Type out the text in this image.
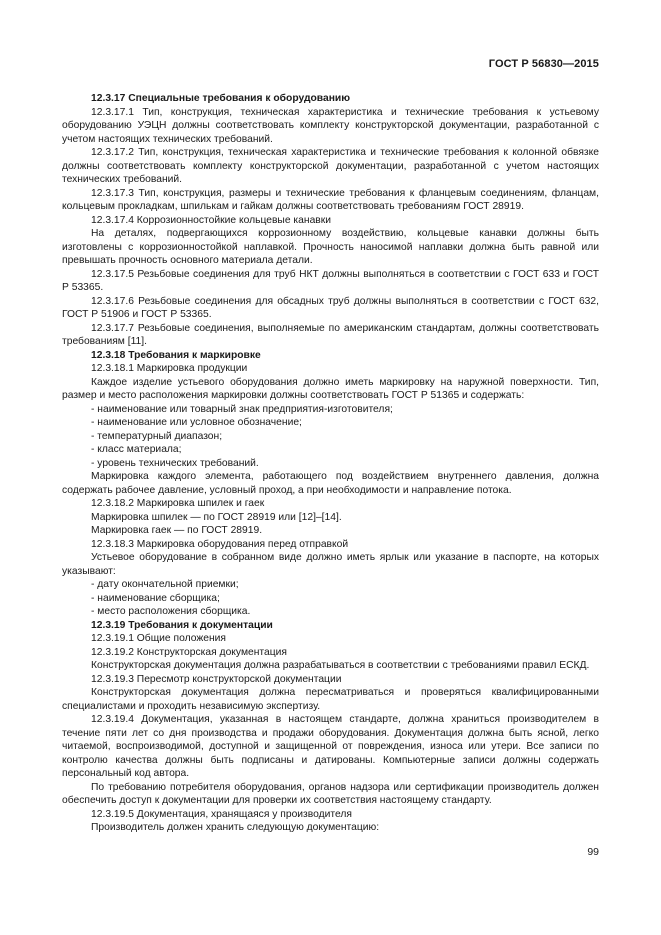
ГОСТ Р 56830—2015

12.3.17 Специальные требования к оборудованию

12.3.17.1 Тип, конструкция, техническая характеристика и технические требования к устьевому оборудованию УЭЦН должны соответствовать комплекту конструкторской документации, разработанной с учетом настоящих технических требований.

12.3.17.2 Тип, конструкция, техническая характеристика и технические требования к колонной обвязке должны соответствовать комплекту конструкторской документации, разработанной с учетом настоящих технических требований.

12.3.17.3 Тип, конструкция, размеры и технические требования к фланцевым соединениям, фланцам, кольцевым прокладкам, шпилькам и гайкам должны соответствовать требованиям ГОСТ 28919.

12.3.17.4 Коррозионностойкие кольцевые канавки

На деталях, подвергающихся коррозионному воздействию, кольцевые канавки должны быть изготовлены с коррозионностойкой наплавкой. Прочность наносимой наплавки должна быть равной или превышать прочность основного материала детали.

12.3.17.5 Резьбовые соединения для труб НКТ должны выполняться в соответствии с ГОСТ 633 и ГОСТ Р 53365.

12.3.17.6 Резьбовые соединения для обсадных труб должны выполняться в соответствии с ГОСТ 632, ГОСТ Р 51906 и ГОСТ Р 53365.

12.3.17.7 Резьбовые соединения, выполняемые по американским стандартам, должны соответствовать требованиям [11].

12.3.18 Требования к маркировке

12.3.18.1 Маркировка продукции

Каждое изделие устьевого оборудования должно иметь маркировку на наружной поверхности. Тип, размер и место расположения маркировки должны соответствовать ГОСТ Р 51365 и содержать:

- наименование или товарный знак предприятия-изготовителя;

- наименование или условное обозначение;

- температурный диапазон;

- класс материала;

- уровень технических требований.

Маркировка каждого элемента, работающего под воздействием внутреннего давления, должна содержать рабочее давление, условный проход, а при необходимости и направление потока.

12.3.18.2 Маркировка шпилек и гаек

Маркировка шпилек — по ГОСТ 28919 или [12]–[14].

Маркировка гаек — по ГОСТ 28919.

12.3.18.3 Маркировка оборудования перед отправкой

Устьевое оборудование в собранном виде должно иметь ярлык или указание в паспорте, на которых указывают:

- дату окончательной приемки;

- наименование сборщика;

- место расположения сборщика.

12.3.19 Требования к документации

12.3.19.1 Общие положения

12.3.19.2 Конструкторская документация

Конструкторская документация должна разрабатываться в соответствии с требованиями правил ЕСКД.

12.3.19.3 Пересмотр конструкторской документации

Конструкторская документация должна пересматриваться и проверяться квалифицированными специалистами и проходить независимую экспертизу.

12.3.19.4 Документация, указанная в настоящем стандарте, должна храниться производителем в течение пяти лет со дня производства и продажи оборудования. Документация должна быть ясной, легко читаемой, воспроизводимой, доступной и защищенной от повреждения, износа или утери. Все записи по контролю качества должны быть подписаны и датированы. Компьютерные записи должны содержать персональный код автора.

По требованию потребителя оборудования, органов надзора или сертификации производитель должен обеспечить доступ к документации для проверки их соответствия настоящему стандарту.

12.3.19.5 Документация, хранящаяся у производителя

Производитель должен хранить следующую документацию:

99
